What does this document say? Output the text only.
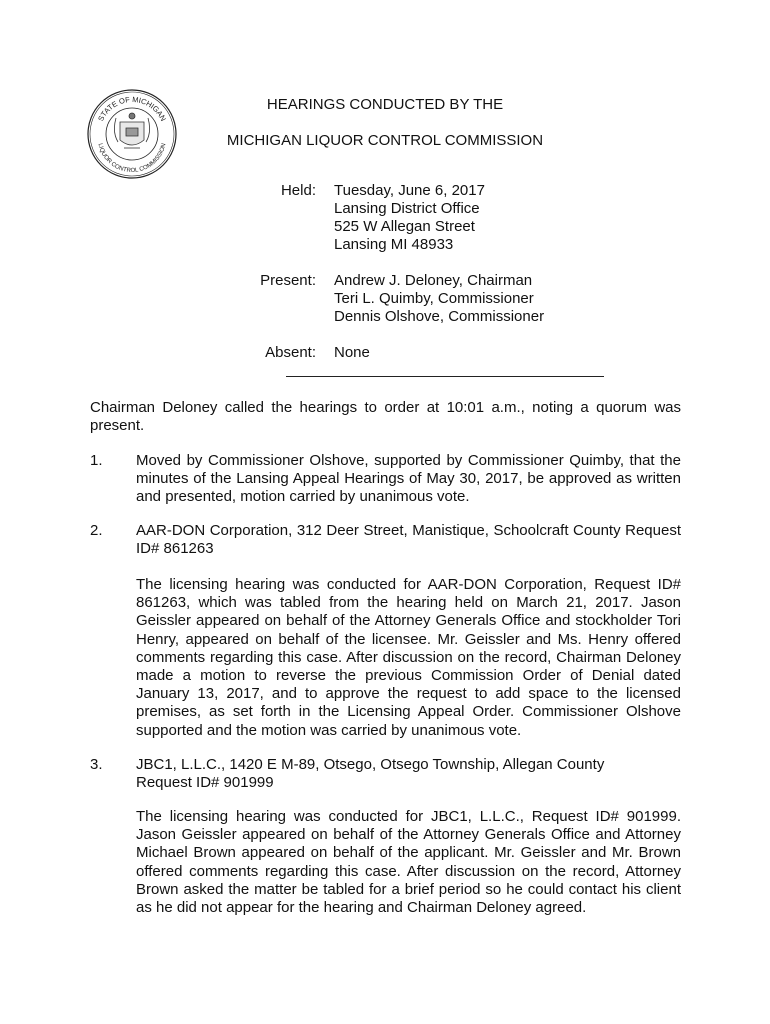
STATE OF MICHIGAN
LIQUOR CONTROL COMMISSION
HEARINGS CONDUCTED BY THE
MICHIGAN LIQUOR CONTROL COMMISSION
Held: Tuesday, June 6, 2017
Lansing District Office
525 W Allegan Street
Lansing MI 48933
Present: Andrew J. Deloney, Chairman
Teri L. Quimby, Commissioner
Dennis Olshove, Commissioner
Absent: None

Chairman Deloney called the hearings to order at 10:01 a.m., noting a quorum was present.

1. Moved by Commissioner Olshove, supported by Commissioner Quimby, that the minutes of the Lansing Appeal Hearings of May 30, 2017, be approved as written and presented, motion carried by unanimous vote.

2. AAR-DON Corporation, 312 Deer Street, Manistique, Schoolcraft County Request ID# 861263

The licensing hearing was conducted for AAR-DON Corporation, Request ID# 861263, which was tabled from the hearing held on March 21, 2017. Jason Geissler appeared on behalf of the Attorney Generals Office and stockholder Tori Henry, appeared on behalf of the licensee. Mr. Geissler and Ms. Henry offered comments regarding this case. After discussion on the record, Chairman Deloney made a motion to reverse the previous Commission Order of Denial dated January 13, 2017, and to approve the request to add space to the licensed premises, as set forth in the Licensing Appeal Order. Commissioner Olshove supported and the motion was carried by unanimous vote.

3. JBC1, L.L.C., 1420 E M-89, Otsego, Otsego Township, Allegan County
Request ID# 901999

The licensing hearing was conducted for JBC1, L.L.C., Request ID# 901999. Jason Geissler appeared on behalf of the Attorney Generals Office and Attorney Michael Brown appeared on behalf of the applicant. Mr. Geissler and Mr. Brown offered comments regarding this case. After discussion on the record, Attorney Brown asked the matter be tabled for a brief period so he could contact his client as he did not appear for the hearing and Chairman Deloney agreed.
